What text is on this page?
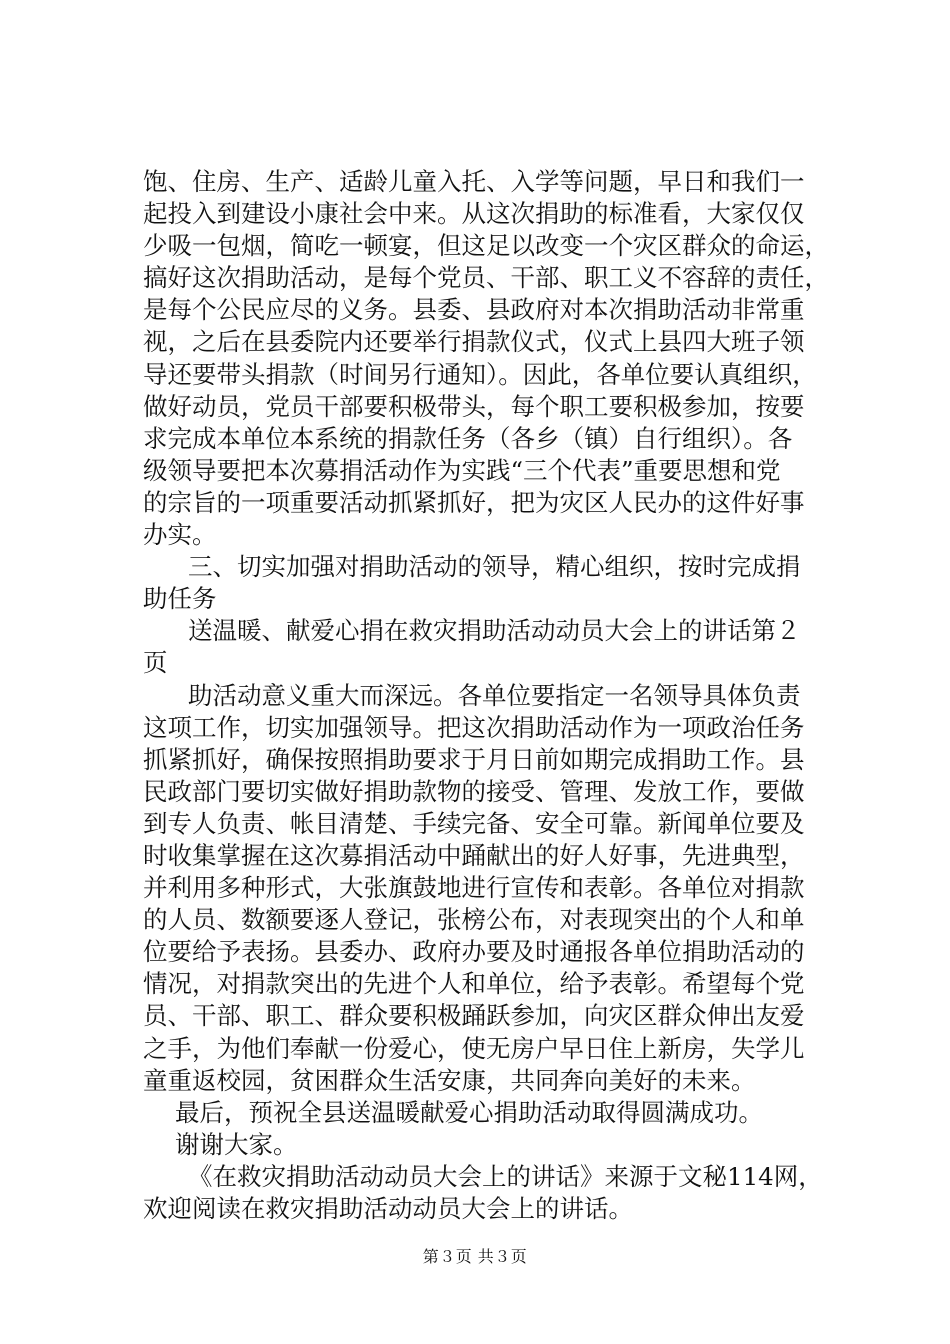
饱、住房、生产、适龄儿童入托、入学等问题，早日和我们一
起投入到建设小康社会中来。从这次捐助的标准看，大家仅仅
少吸一包烟，简吃一顿宴，但这足以改变一个灾区群众的命运，
搞好这次捐助活动，是每个党员、干部、职工义不容辞的责任，
是每个公民应尽的义务。县委、县政府对本次捐助活动非常重
视，之后在县委院内还要举行捐款仪式，仪式上县四大班子领
导还要带头捐款（时间另行通知）。因此，各单位要认真组织，
做好动员，党员干部要积极带头，每个职工要积极参加，按要
求完成本单位本系统的捐款任务（各乡（镇）自行组织）。各
级领导要把本次募捐活动作为实践“三个代表”重要思想和党
的宗旨的一项重要活动抓紧抓好，把为灾区人民办的这件好事
办实。
三、切实加强对捐助活动的领导，精心组织，按时完成捐
助任务
送温暖、献爱心捐在救灾捐助活动动员大会上的讲话第２
页
助活动意义重大而深远。各单位要指定一名领导具体负责
这项工作，切实加强领导。把这次捐助活动作为一项政治任务
抓紧抓好，确保按照捐助要求于月日前如期完成捐助工作。县
民政部门要切实做好捐助款物的接受、管理、发放工作，要做
到专人负责、帐目清楚、手续完备、安全可靠。新闻单位要及
时收集掌握在这次募捐活动中踊献出的好人好事，先进典型，
并利用多种形式，大张旗鼓地进行宣传和表彰。各单位对捐款
的人员、数额要逐人登记，张榜公布，对表现突出的个人和单
位要给予表扬。县委办、政府办要及时通报各单位捐助活动的
情况，对捐款突出的先进个人和单位，给予表彰。希望每个党
员、干部、职工、群众要积极踊跃参加，向灾区群众伸出友爱
之手，为他们奉献一份爱心，使无房户早日住上新房，失学儿
童重返校园，贫困群众生活安康，共同奔向美好的未来。
最后，预祝全县送温暖献爱心捐助活动取得圆满成功。
谢谢大家。
《在救灾捐助活动动员大会上的讲话》来源于文秘114网，
欢迎阅读在救灾捐助活动动员大会上的讲话。
第３页 共３页
